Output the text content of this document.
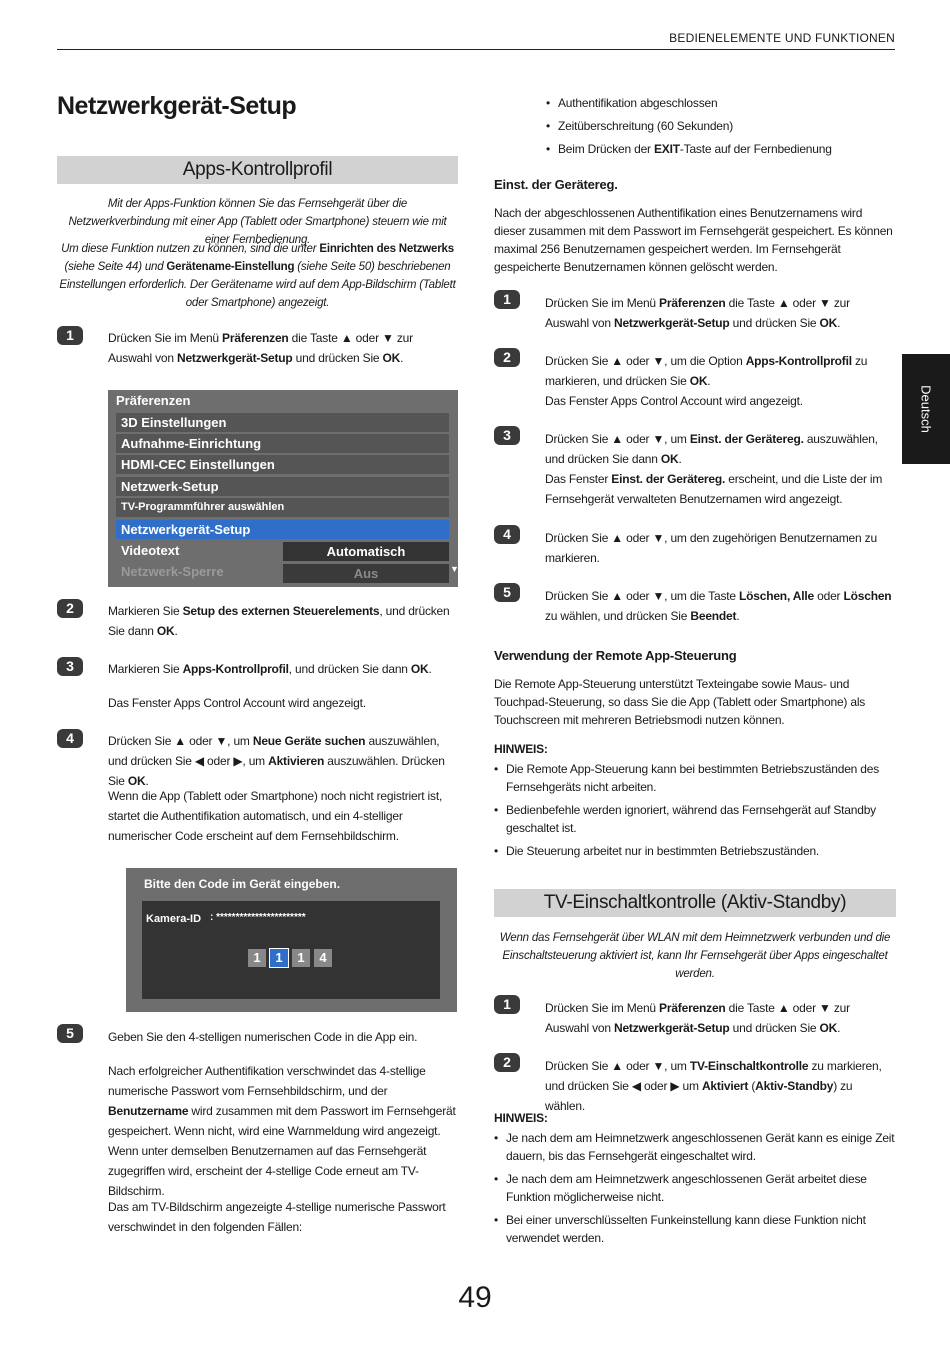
BEDIENELEMENTE UND FUNKTIONEN
Netzwerkgerät-Setup
Deutsch
Apps-Kontrollprofil
Mit der Apps-Funktion können Sie das Fernsehgerät über die Netzwerkverbindung mit einer App (Tablett oder Smartphone) steuern wie mit einer Fernbedienung.
Um diese Funktion nutzen zu können, sind die unter Einrichten des Netzwerks (siehe Seite 44) und Gerätename-Einstellung (siehe Seite 50) beschriebenen Einstellungen erforderlich. Der Gerätename wird auf dem App-Bildschirm (Tablett oder Smartphone) angezeigt.
1	Drücken Sie im Menü Präferenzen die Taste ▲ oder ▼ zur Auswahl von Netzwerkgerät-Setup und drücken Sie OK.
Präferenzen
3D Einstellungen
Aufnahme-Einrichtung
HDMI-CEC Einstellungen
Netzwerk-Setup
TV-Programmführer auswählen
Netzwerkgerät-Setup
Videotext	Automatisch
Netzwerk-Sperre	Aus	▼
2	Markieren Sie Setup des externen Steuerelements, und drücken Sie dann OK.
3	Markieren Sie Apps-Kontrollprofil, und drücken Sie dann OK.
Das Fenster Apps Control Account wird angezeigt.
4	Drücken Sie ▲ oder ▼, um Neue Geräte suchen auszuwählen, und drücken Sie ◀ oder ▶, um Aktivieren auszuwählen. Drücken Sie OK.
Wenn die App (Tablett oder Smartphone) noch nicht registriert ist, startet die Authentifikation automatisch, und ein 4-stelliger numerischer Code erscheint auf dem Fernsehbildschirm.
Bitte den Code im Gerät eingeben.
Kamera-ID : ***********************
1	1	1	4
5	Geben Sie den 4-stelligen numerischen Code in die App ein.
Nach erfolgreicher Authentifikation verschwindet das 4-stellige numerische Passwort vom Fernsehbildschirm, und der Benutzername wird zusammen mit dem Passwort im Fernsehgerät gespeichert. Wenn nicht, wird eine Warnmeldung wird angezeigt. Wenn unter demselben Benutzernamen auf das Fernsehgerät zugegriffen wird, erscheint der 4-stellige Code erneut am TV-Bildschirm.
Das am TV-Bildschirm angezeigte 4-stellige numerische Passwort verschwindet in den folgenden Fällen:
• Authentifikation abgeschlossen
• Zeitüberschreitung (60 Sekunden)
• Beim Drücken der EXIT-Taste auf der Fernbedienung
Einst. der Gerätereg.
Nach der abgeschlossenen Authentifikation eines Benutzernamens wird dieser zusammen mit dem Passwort im Fernsehgerät gespeichert. Es können maximal 256 Benutzernamen gespeichert werden. Im Fernsehgerät gespeicherte Benutzernamen können gelöscht werden.
1	Drücken Sie im Menü Präferenzen die Taste ▲ oder ▼ zur Auswahl von Netzwerkgerät-Setup und drücken Sie OK.
2	Drücken Sie ▲ oder ▼, um die Option Apps-Kontrollprofil zu markieren, und drücken Sie OK.
Das Fenster Apps Control Account wird angezeigt.
3	Drücken Sie ▲ oder ▼, um Einst. der Gerätereg. auszuwählen, und drücken Sie dann OK.
Das Fenster Einst. der Gerätereg. erscheint, und die Liste der im Fernsehgerät verwalteten Benutzernamen wird angezeigt.
4	Drücken Sie ▲ oder ▼, um den zugehörigen Benutzernamen zu markieren.
5	Drücken Sie ▲ oder ▼, um die Taste Löschen, Alle oder Löschen zu wählen, und drücken Sie Beendet.
Verwendung der Remote App-Steuerung
Die Remote App-Steuerung unterstützt Texteingabe sowie Maus- und Touchpad-Steuerung, so dass Sie die App (Tablett oder Smartphone) als Touchscreen mit mehreren Betriebsmodi nutzen können.
HINWEIS:
• Die Remote App-Steuerung kann bei bestimmten Betriebszuständen des Fernsehgeräts nicht arbeiten.
• Bedienbefehle werden ignoriert, während das Fernsehgerät auf Standby geschaltet ist.
• Die Steuerung arbeitet nur in bestimmten Betriebszuständen.
TV-Einschaltkontrolle (Aktiv-Standby)
Wenn das Fernsehgerät über WLAN mit dem Heimnetzwerk verbunden und die Einschaltsteuerung aktiviert ist, kann Ihr Fernsehgerät über Apps eingeschaltet werden.
1	Drücken Sie im Menü Präferenzen die Taste ▲ oder ▼ zur Auswahl von Netzwerkgerät-Setup und drücken Sie OK.
2	Drücken Sie ▲ oder ▼, um TV-Einschaltkontrolle zu markieren, und drücken Sie ◀ oder ▶ um Aktiviert (Aktiv-Standby) zu wählen.
HINWEIS:
• Je nach dem am Heimnetzwerk angeschlossenen Gerät kann es einige Zeit dauern, bis das Fernsehgerät eingeschaltet wird.
• Je nach dem am Heimnetzwerk angeschlossenen Gerät arbeitet diese Funktion möglicherweise nicht.
• Bei einer unverschlüsselten Funkeinstellung kann diese Funktion nicht verwendet werden.
49
